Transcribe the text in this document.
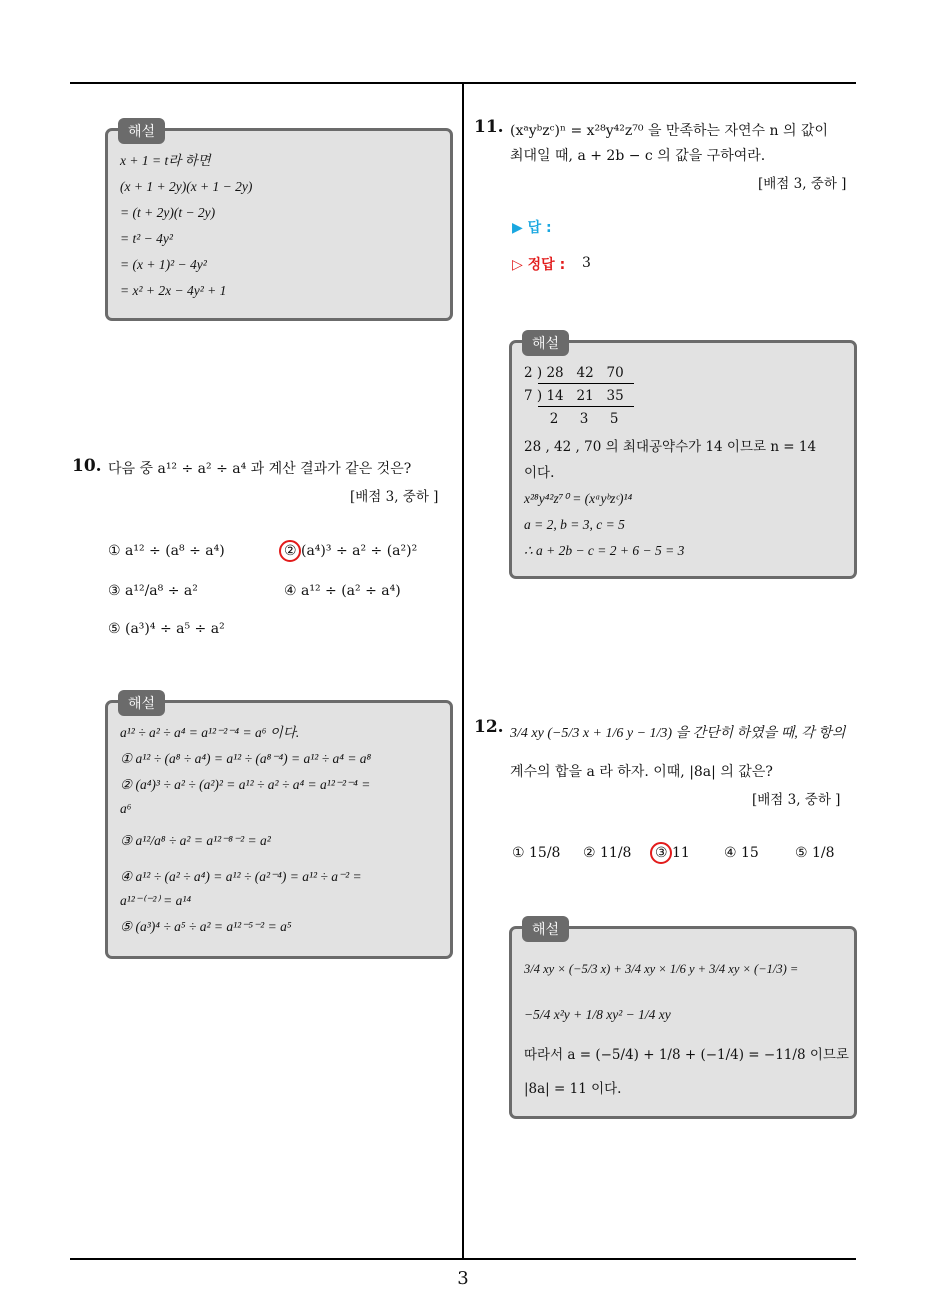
해설
x + 1 = t라 하면
(x + 1 + 2y)(x + 1 − 2y)
= (t + 2y)(t − 2y)
= t² − 4y²
= (x + 1)² − 4y²
= x² + 2x − 4y² + 1
10. 다음 중 a¹² ÷ a² ÷ a⁴ 과 계산 결과가 같은 것은?
[배점 3, 중하 ]
① a¹² ÷ (a⁸ ÷ a⁴)	② (a⁴)³ ÷ a² ÷ (a²)²
③ a¹²/a⁸ ÷ a²	④ a¹² ÷ (a² ÷ a⁴)
⑤ (a³)⁴ ÷ a⁵ ÷ a²
해설
a¹² ÷ a² ÷ a⁴ = a¹²⁻²⁻⁴ = a⁶ 이다.
① a¹² ÷ (a⁸ ÷ a⁴) = a¹² ÷ (a⁸⁻⁴) = a¹² ÷ a⁴ = a⁸
② (a⁴)³ ÷ a² ÷ (a²)² = a¹² ÷ a² ÷ a⁴ = a¹²⁻²⁻⁴ =
a⁶
③ a¹²/a⁸ ÷ a² = a¹²⁻⁸⁻² = a²
④ a¹² ÷ (a² ÷ a⁴) = a¹² ÷ (a²⁻⁴) = a¹² ÷ a⁻² =
a¹²⁻⁽⁻²⁾ = a¹⁴
⑤ (a³)⁴ ÷ a⁵ ÷ a² = a¹²⁻⁵⁻² = a⁵
11. (xᵃyᵇzᶜ)ⁿ = x²⁸y⁴²z⁷⁰ 을 만족하는 자연수 n 의 값이
최대일 때, a + 2b − c 의 값을 구하여라.
[배점 3, 중하 ]
▶ 답 :
▷ 정답 : 3
해설
2 ) 28   42   70
7 ) 14   21   35
2     3     5
28 , 42 , 70 의 최대공약수가 14 이므로 n = 14
이다.
x²⁸y⁴²z⁷⁰ = (xᵃyᵇzᶜ)¹⁴
a = 2, b = 3, c = 5
∴ a + 2b − c = 2 + 6 − 5 = 3
12. 3/4 xy (−5/3 x + 1/6 y − 1/3) 을 간단히 하였을 때, 각 항의
계수의 합을 a 라 하자. 이때, |8a| 의 값은?
[배점 3, 중하 ]
① 15/8 ② 11/8 ③ 11 ④ 15	⑤ 1/8
해설
3/4 xy × (−5/3 x) + 3/4 xy × 1/6 y + 3/4 xy × (−1/3) =
−5/4 x²y + 1/8 xy² − 1/4 xy
따라서 a = (−5/4) + 1/8 + (−1/4) = −11/8 이므로
|8a| = 11 이다.
3
